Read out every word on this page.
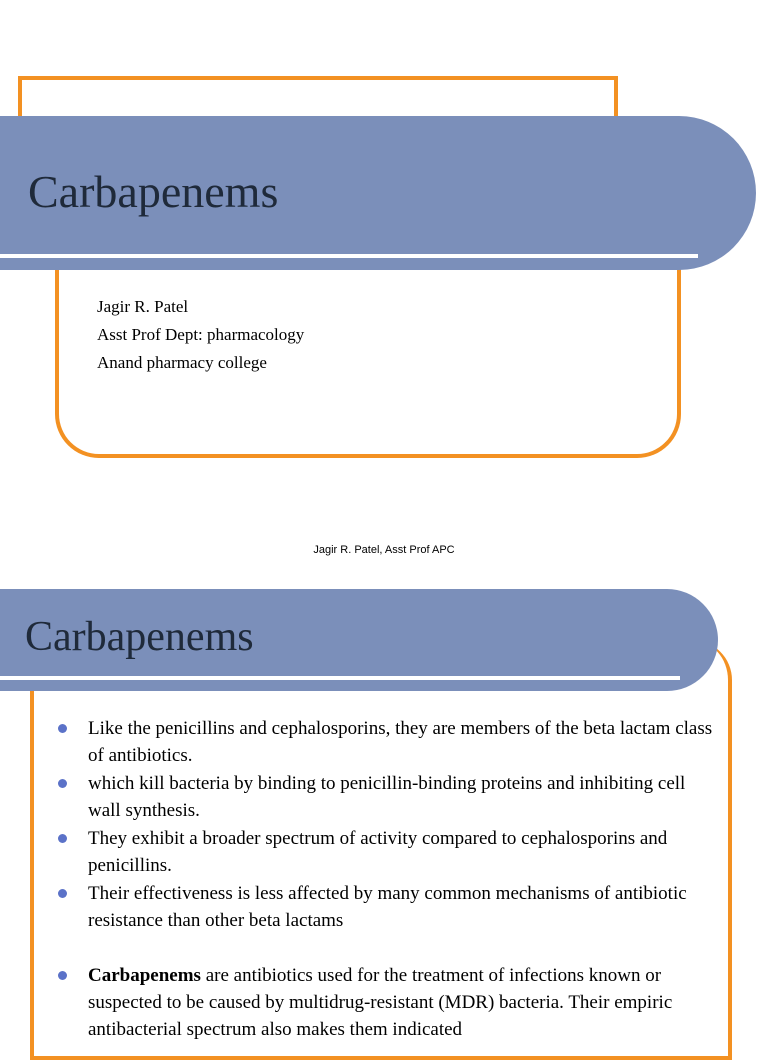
Carbapenems
Jagir R. Patel
Asst Prof Dept: pharmacology
Anand pharmacy college
Jagir R. Patel, Asst Prof APC
Carbapenems
Like the penicillins and cephalosporins, they are members of the beta lactam class of antibiotics.
which kill bacteria by binding to penicillin-binding proteins and inhibiting cell wall synthesis.
They exhibit a broader spectrum of activity compared to cephalosporins and penicillins.
Their effectiveness is less affected by many common mechanisms of antibiotic resistance than other beta lactams
Carbapenems are antibiotics used for the treatment of infections known or suspected to be caused by multidrug-resistant (MDR) bacteria. Their empiric antibacterial spectrum also makes them indicated
